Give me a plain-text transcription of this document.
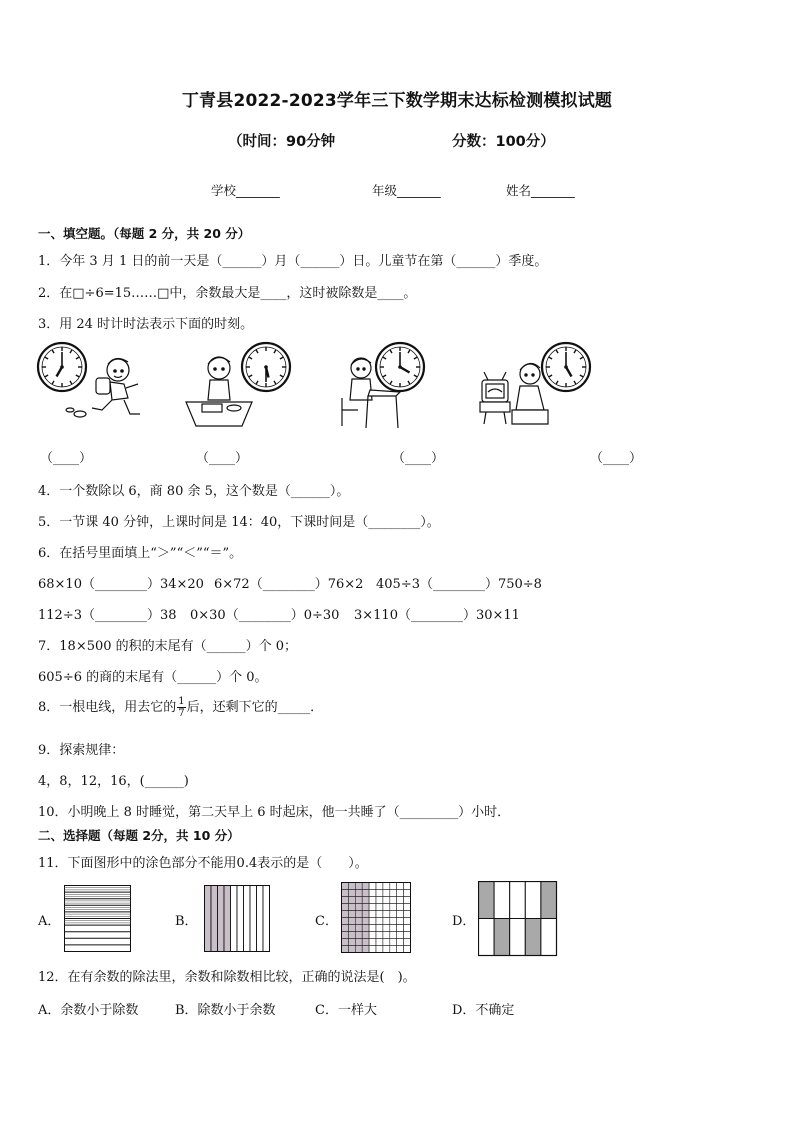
丁青县2022-2023学年三下数学期末达标检测模拟试题
（时间：90分钟	分数：100分）
学校_______	年级_______	姓名_______
一、填空题。（每题 2 分，共 20 分）
1．今年 3 月 1 日的前一天是（______）月（______）日。儿童节在第（______）季度。
2．在□÷6=15……□中，余数最大是____，这时被除数是____。
3．用 24 时计时法表示下面的时刻。
（____）	（____）	（____）	（____）
4．一个数除以 6，商 80 余 5，这个数是（______）。
5．一节课 40 分钟，上课时间是 14：40，下课时间是（________）。
6．在括号里面填上“＞”“＜”“＝”。
68×10（________）34×20 6×72（________）76×2 405÷3（________）750÷8
112÷3（________）38 0×30（________）0÷30 3×110（________）30×11
7．18×500 的积的末尾有（______）个 0；
605÷6 的商的末尾有（______）个 0。
8．一根电线，用去它的 $\frac{1}{7}$ 后，还剩下它的_____．
9．探索规律：
4，8，12，16，(______)
10．小明晚上 8 时睡觉，第二天早上 6 时起床，他一共睡了（_________）小时．
二、选择题（每题 2分，共 10 分）
11．下面图形中的涂色部分不能用0.4表示的是（　　）。
A．	B．	C．	D．
12．在有余数的除法里，余数和除数相比较，正确的说法是(　)。
A．余数小于除数	B．除数小于余数	C．一样大	D．不确定
